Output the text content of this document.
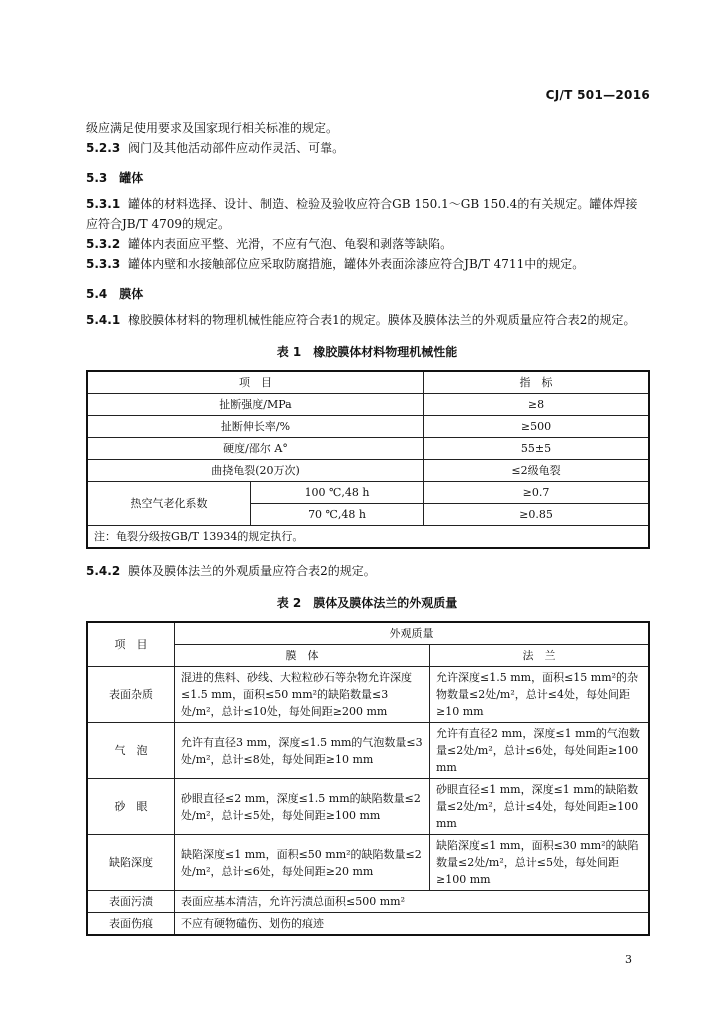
CJ/T 501—2016

级应满足使用要求及国家现行相关标准的规定。

5.2.3 阀门及其他活动部件应动作灵活、可靠。

5.3　罐体

5.3.1 罐体的材料选择、设计、制造、检验及验收应符合GB 150.1～GB 150.4的有关规定。罐体焊接应符合JB/T 4709的规定。

5.3.2 罐体内表面应平整、光滑，不应有气泡、龟裂和剥落等缺陷。

5.3.3 罐体内壁和水接触部位应采取防腐措施，罐体外表面涂漆应符合JB/T 4711中的规定。

5.4　膜体

5.4.1 橡胶膜体材料的物理机械性能应符合表1的规定。膜体及膜体法兰的外观质量应符合表2的规定。

表 1　橡胶膜体材料物理机械性能
项　目		指　标
扯断强度/MPa		≥8
扯断伸长率/%		≥500
硬度/邵尔 A°		55±5
曲挠龟裂(20万次)		≤2级龟裂
热空气老化系数	100 ℃,48 h	≥0.7
	70 ℃,48 h	≥0.85
注：龟裂分级按GB/T 13934的规定执行。		

5.4.2 膜体及膜体法兰的外观质量应符合表2的规定。

表 2　膜体及膜体法兰的外观质量
项　目	外观质量	
	膜　体	法　兰
表面杂质	混进的焦料、砂线、大粒粒砂石等杂物允许深度≤1.5 mm，面积≤50 mm²的缺陷数量≤3处/m²，总计≤10处，每处间距≥200 mm	允许深度≤1.5 mm，面积≤15 mm²的杂物数量≤2处/m²，总计≤4处，每处间距≥10 mm
气　泡	允许有直径3 mm，深度≤1.5 mm的气泡数量≤3处/m²，总计≤8处，每处间距≥10 mm	允许有直径2 mm，深度≤1 mm的气泡数量≤2处/m²，总计≤6处，每处间距≥100 mm
砂　眼	砂眼直径≤2 mm，深度≤1.5 mm的缺陷数量≤2处/m²，总计≤5处，每处间距≥100 mm	砂眼直径≤1 mm，深度≤1 mm的缺陷数量≤2处/m²，总计≤4处，每处间距≥100 mm
缺陷深度	缺陷深度≤1 mm，面积≤50 mm²的缺陷数量≤2处/m²，总计≤6处，每处间距≥20 mm	缺陷深度≤1 mm，面积≤30 mm²的缺陷数量≤2处/m²，总计≤5处，每处间距≥100 mm
表面污渍	表面应基本清洁，允许污渍总面积≤500 mm²	
表面伤痕	不应有硬物磕伤、划伤的痕迹	
3
